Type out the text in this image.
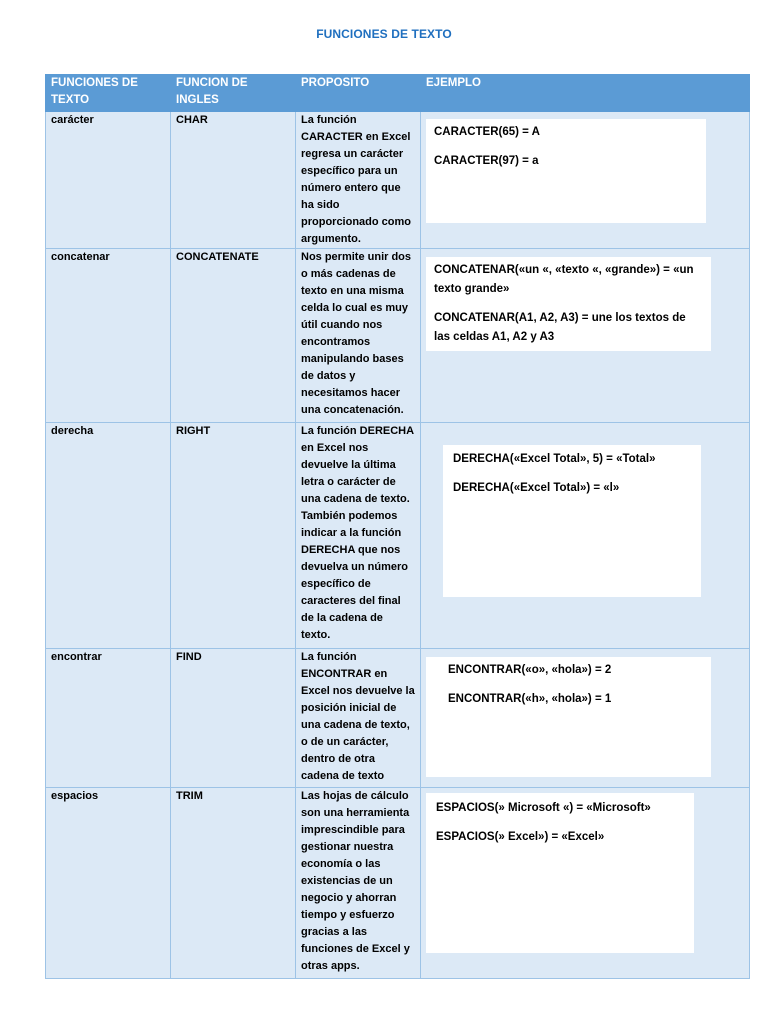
FUNCIONES DE TEXTO
FUNCIONES DE TEXTO	FUNCION DE INGLES	PROPOSITO	EJEMPLO
carácter	CHAR	La función CARACTER en Excel regresa un carácter específico para un número entero que ha sido proporcionado como argumento.	CARACTER(65) = A
CARACTER(97) = a

concatenar	CONCATENATE	Nos permite unir dos o más cadenas de texto en una misma celda lo cual es muy útil cuando nos encontramos manipulando bases de datos y necesitamos hacer una concatenación.	CONCATENAR(«un «, «texto «, «grande») = «un texto grande»
CONCATENAR(A1, A2, A3) = une los textos de las celdas A1, A2 y A3

derecha	RIGHT	La función DERECHA en Excel nos devuelve la última letra o carácter de una cadena de texto. También podemos indicar a la función DERECHA que nos devuelva un número específico de caracteres del final de la cadena de texto.	DERECHA(«Excel Total», 5) = «Total»
DERECHA(«Excel Total») = «l»

encontrar	FIND	La función ENCONTRAR en Excel nos devuelve la posición inicial de una cadena de texto, o de un carácter, dentro de otra cadena de texto	ENCONTRAR(«o», «hola») = 2
ENCONTRAR(«h», «hola») = 1

espacios	TRIM	Las hojas de cálculo son una herramienta imprescindible para gestionar nuestra economía o las existencias de un negocio y ahorran tiempo y esfuerzo gracias a las funciones de Excel y otras apps.	ESPACIOS(» Microsoft «) = «Microsoft»
ESPACIOS(» Excel») = «Excel»
